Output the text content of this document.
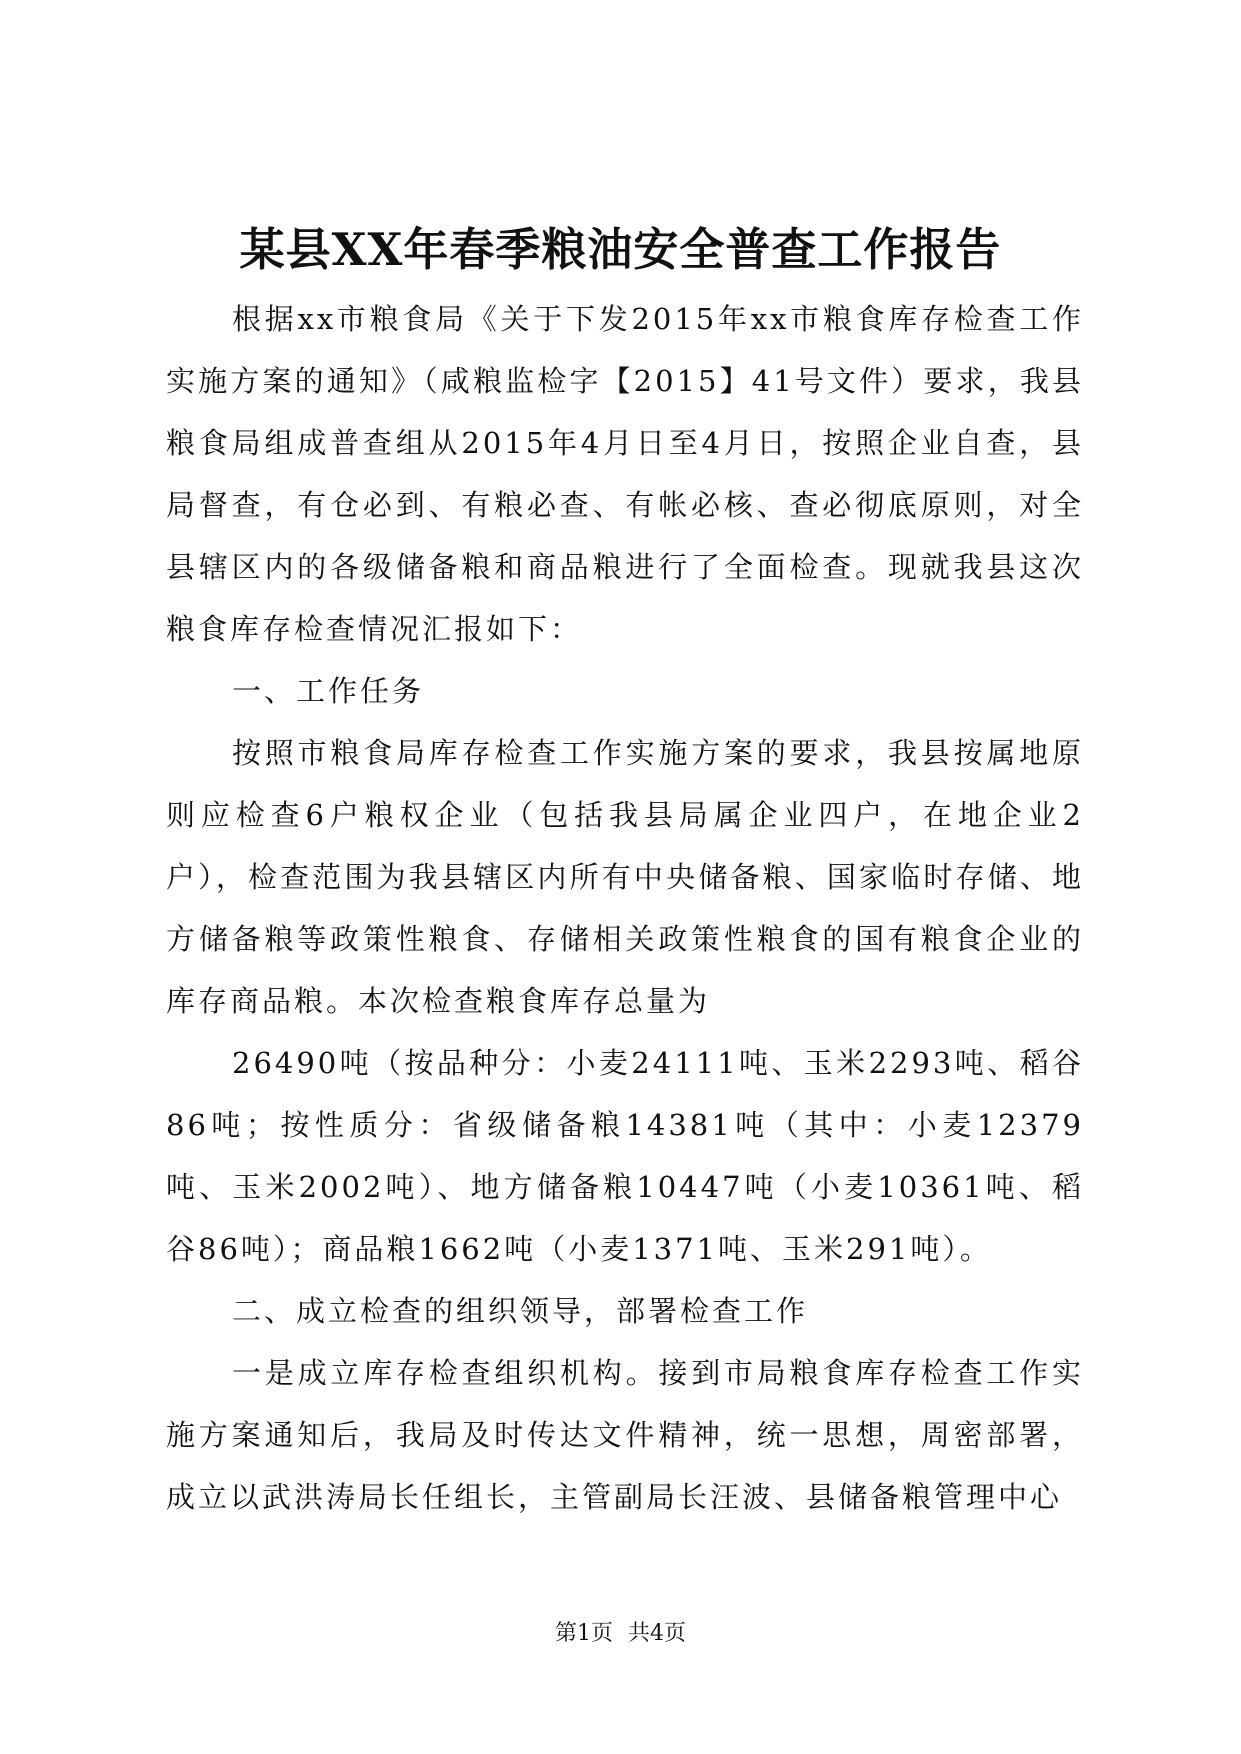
某县XX年春季粮油安全普查工作报告

根据xx市粮食局《关于下发2015年xx市粮食库存检查工作实施方案的通知》（咸粮监检字【2015】41号文件）要求，我县粮食局组成普查组从2015年4月日至4月日，按照企业自查，县局督查，有仓必到、有粮必查、有帐必核、查必彻底原则，对全县辖区内的各级储备粮和商品粮进行了全面检查。现就我县这次粮食库存检查情况汇报如下：

一、工作任务

按照市粮食局库存检查工作实施方案的要求，我县按属地原则应检查6户粮权企业（包括我县局属企业四户，在地企业2户），检查范围为我县辖区内所有中央储备粮、国家临时存储、地方储备粮等政策性粮食、存储相关政策性粮食的国有粮食企业的库存商品粮。本次检查粮食库存总量为

26490吨（按品种分：小麦24111吨、玉米2293吨、稻谷86吨；按性质分：省级储备粮14381吨（其中：小麦12379吨、玉米2002吨）、地方储备粮10447吨（小麦10361吨、稻谷86吨）；商品粮1662吨（小麦1371吨、玉米291吨）。

二、成立检查的组织领导，部署检查工作

一是成立库存检查组织机构。接到市局粮食库存检查工作实施方案通知后，我局及时传达文件精神，统一思想，周密部署，成立以武洪涛局长任组长，主管副局长汪波、县储备粮管理中心

第1页 共4页
